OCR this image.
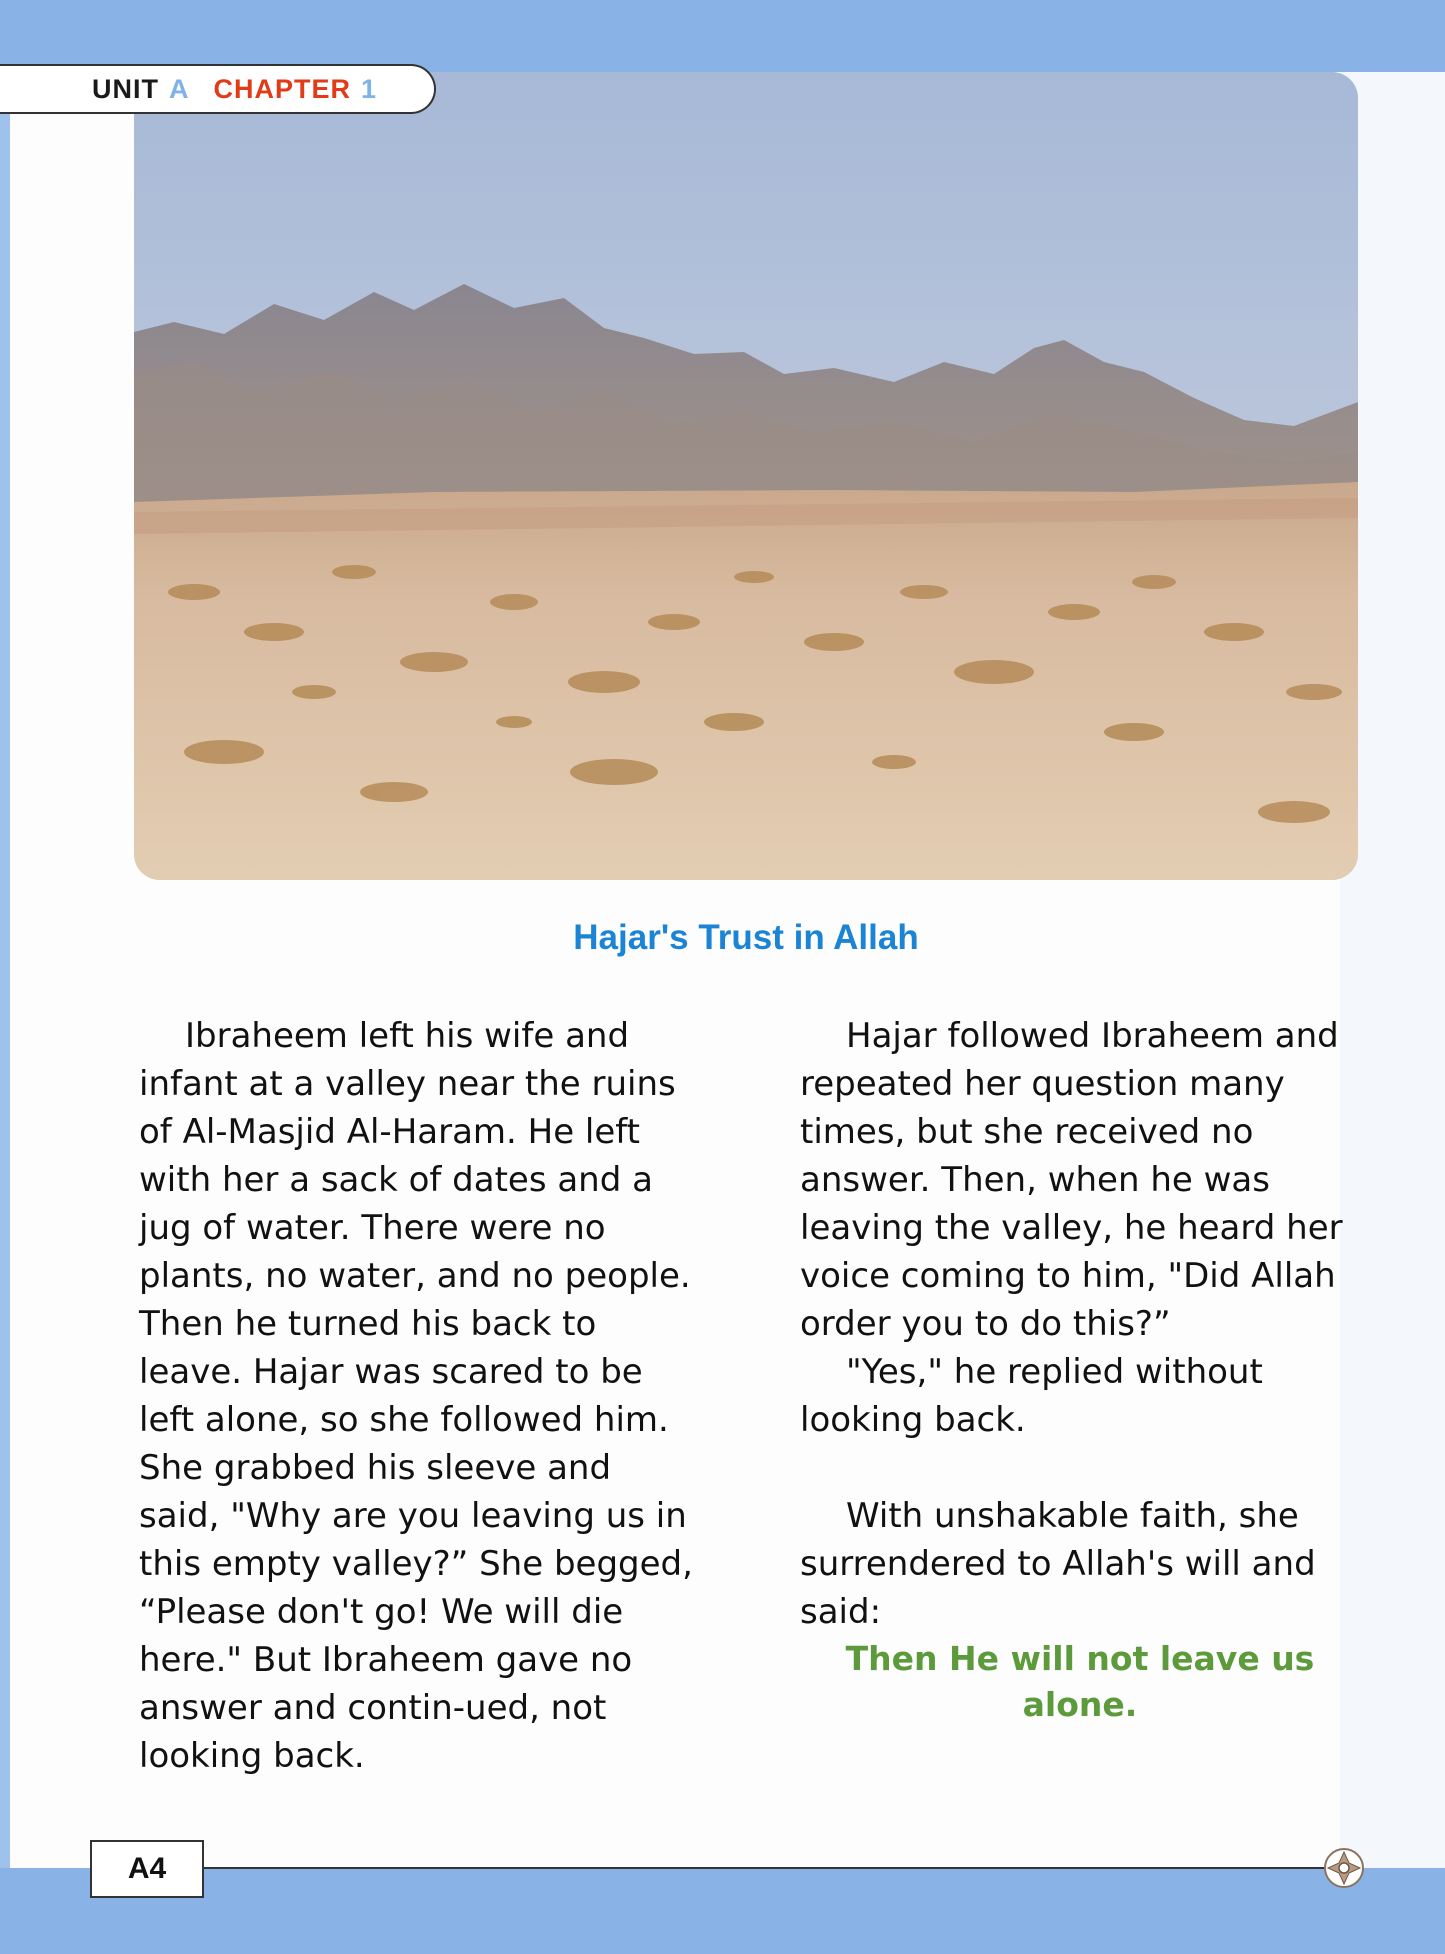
UNIT A CHAPTER 1
Hajar's Trust in Allah

Ibraheem left his wife and infant at a valley near the ruins of Al-Masjid Al-Haram. He left with her a sack of dates and a jug of water. There were no plants, no water, and no people. Then he turned his back to leave. Hajar was scared to be left alone, so she followed him. She grabbed his sleeve and said, "Why are you leaving us in this empty valley?” She begged, “Please don't go! We will die here." But Ibraheem gave no answer and contin-ued, not looking back.

Hajar followed Ibraheem and repeated her question many times, but she received no answer. Then, when he was leaving the valley, he heard her voice coming to him, "Did Allah order you to do this?”

"Yes," he replied without looking back.

With unshakable faith, she surrendered to Allah's will and said:

Then He will not leave us alone.

A4
